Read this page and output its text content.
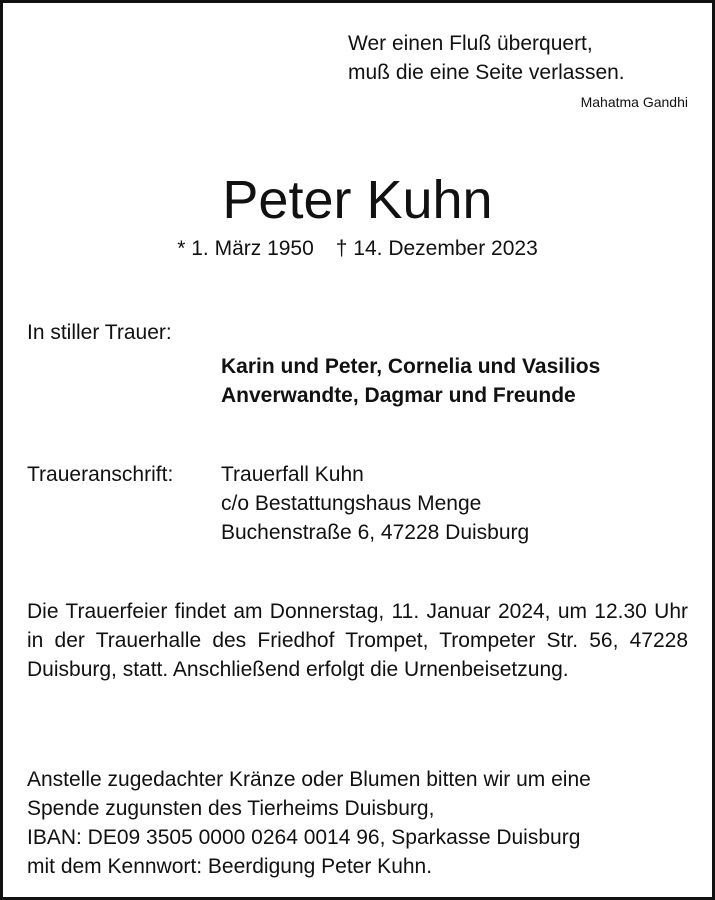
Wer einen Fluß überquert,
muß die eine Seite verlassen.
Mahatma Gandhi
Peter Kuhn
* 1. März 1950 † 14. Dezember 2023
In stiller Trauer:
Karin und Peter, Cornelia und Vasilios
Anverwandte, Dagmar und Freunde
Traueranschrift: Trauerfall Kuhn
c/o Bestattungshaus Menge
Buchenstraße 6, 47228 Duisburg
Die Trauerfeier findet am Donnerstag, 11. Januar 2024, um 12.30 Uhr in der Trauerhalle des Friedhof Trompet, Trompeter Str. 56, 47228 Duisburg, statt. Anschließend erfolgt die Urnenbeisetzung.
Anstelle zugedachter Kränze oder Blumen bitten wir um eine
Spende zugunsten des Tierheims Duisburg,
IBAN: DE09 3505 0000 0264 0014 96, Sparkasse Duisburg
mit dem Kennwort: Beerdigung Peter Kuhn.
